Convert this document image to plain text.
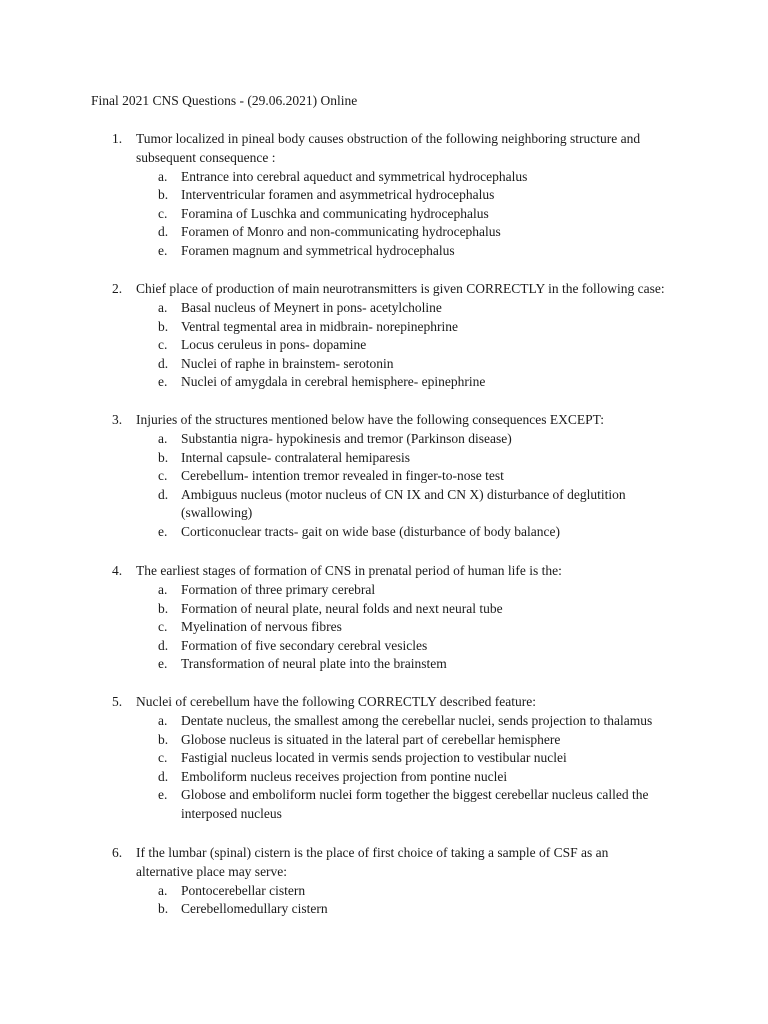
Final 2021 CNS Questions - (29.06.2021) Online
1. Tumor localized in pineal body causes obstruction of the following neighboring structure and subsequent consequence :
a. Entrance into cerebral aqueduct and symmetrical hydrocephalus
b. Interventricular foramen and asymmetrical hydrocephalus
c. Foramina of Luschka and communicating hydrocephalus
d. Foramen of Monro and non-communicating hydrocephalus
e. Foramen magnum and symmetrical hydrocephalus
2. Chief place of production of main neurotransmitters is given CORRECTLY in the following case:
a. Basal nucleus of Meynert in pons- acetylcholine
b. Ventral tegmental area in midbrain- norepinephrine
c. Locus ceruleus in pons- dopamine
d. Nuclei of raphe in brainstem- serotonin
e. Nuclei of amygdala in cerebral hemisphere- epinephrine
3. Injuries of the structures mentioned below have the following consequences EXCEPT:
a. Substantia nigra- hypokinesis and tremor (Parkinson disease)
b. Internal capsule- contralateral hemiparesis
c. Cerebellum- intention tremor revealed in finger-to-nose test
d. Ambiguus nucleus (motor nucleus of CN IX and CN X) disturbance of deglutition (swallowing)
e. Corticonuclear tracts- gait on wide base (disturbance of body balance)
4. The earliest stages of formation of CNS in prenatal period of human life is the:
a. Formation of three primary cerebral
b. Formation of neural plate, neural folds and next neural tube
c. Myelination of nervous fibres
d. Formation of five secondary cerebral vesicles
e. Transformation of neural plate into the brainstem
5. Nuclei of cerebellum have the following CORRECTLY described feature:
a. Dentate nucleus, the smallest among the cerebellar nuclei, sends projection to thalamus
b. Globose nucleus is situated in the lateral part of cerebellar hemisphere
c. Fastigial nucleus located in vermis sends projection to vestibular nuclei
d. Emboliform nucleus receives projection from pontine nuclei
e. Globose and emboliform nuclei form together the biggest cerebellar nucleus called the interposed nucleus
6. If the lumbar (spinal) cistern is the place of first choice of taking a sample of CSF as an alternative place may serve:
a. Pontocerebellar cistern
b. Cerebellomedullary cistern
